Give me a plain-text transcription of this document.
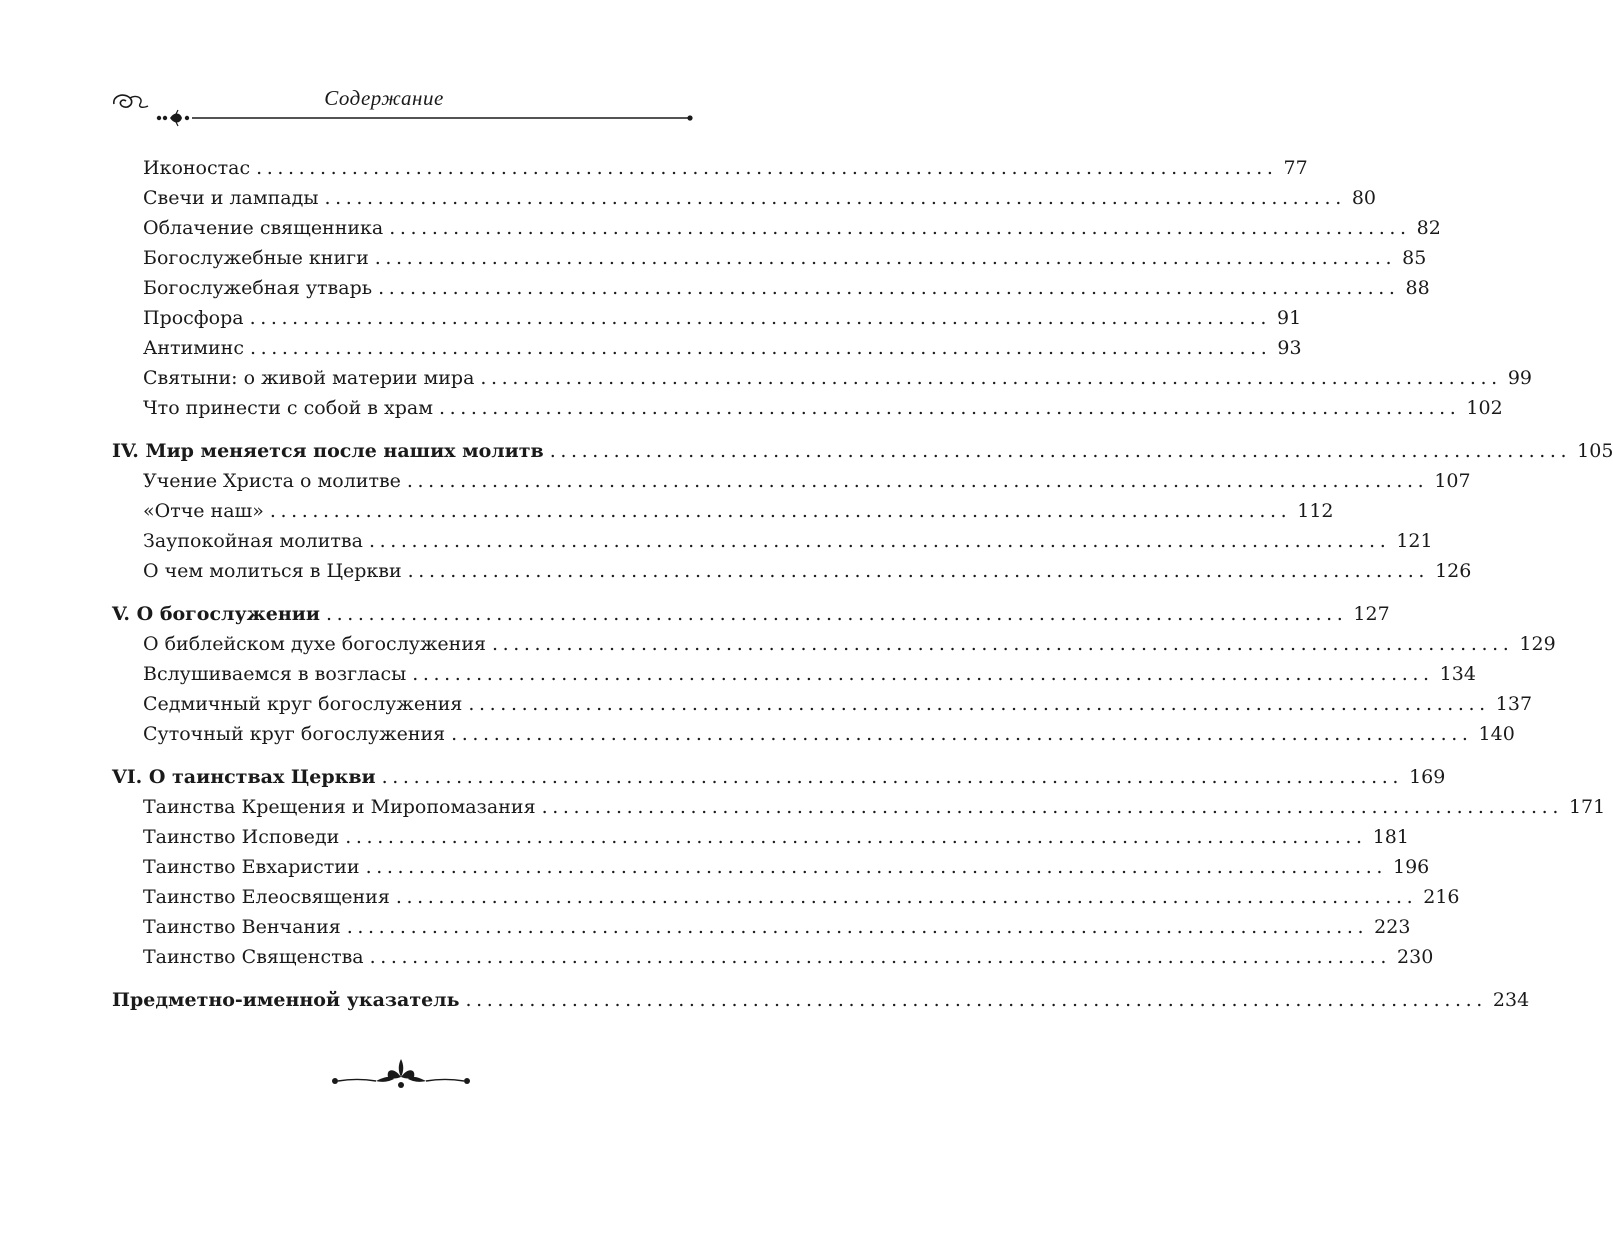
Содержание
Иконостас ................................................................................................ 77
Свечи и лампады ................................................................................................ 80
Облачение священника ................................................................................................ 82
Богослужебные книги ................................................................................................ 85
Богослужебная утварь ................................................................................................ 88
Просфора ................................................................................................ 91
Антиминс ................................................................................................ 93
Святыни: о живой материи мира ................................................................................................ 99
Что принести с собой в храм ................................................................................................ 102
IV. Мир меняется после наших молитв ................................................................................................ 105
Учение Христа о молитве ................................................................................................ 107
«Отче наш» ................................................................................................ 112
Заупокойная молитва ................................................................................................ 121
О чем молиться в Церкви ................................................................................................ 126
V. О богослужении ................................................................................................ 127
О библейском духе богослужения ................................................................................................ 129
Вслушиваемся в возгласы ................................................................................................ 134
Седмичный круг богослужения ................................................................................................ 137
Суточный круг богослужения ................................................................................................ 140
VI. О таинствах Церкви ................................................................................................ 169
Таинства Крещения и Миропомазания ................................................................................................ 171
Таинство Исповеди ................................................................................................ 181
Таинство Евхаристии ................................................................................................ 196
Таинство Елеосвящения ................................................................................................ 216
Таинство Венчания ................................................................................................ 223
Таинство Священства ................................................................................................ 230
Предметно-именной указатель ................................................................................................ 234
